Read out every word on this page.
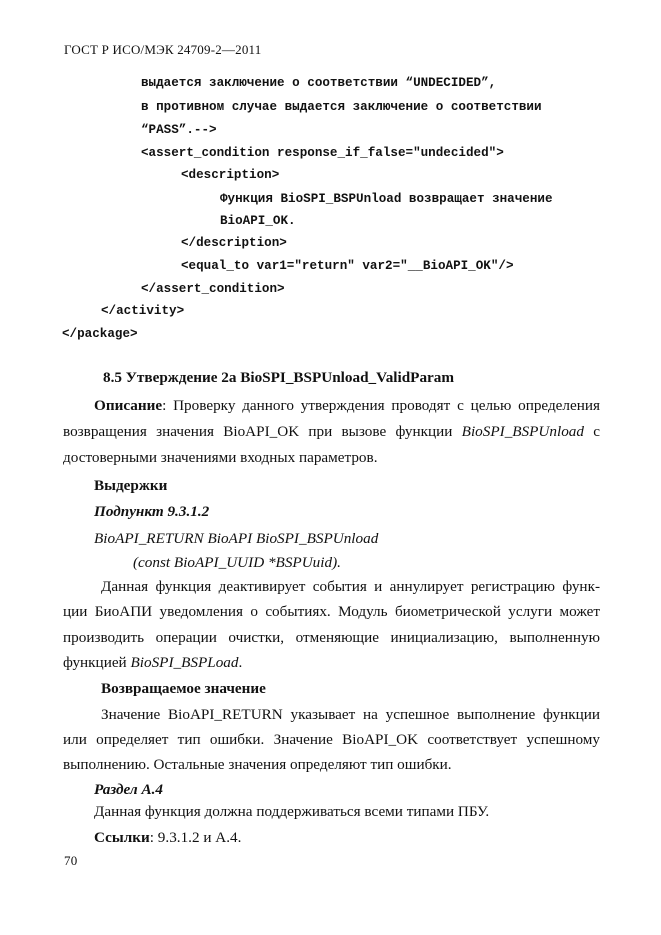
ГОСТ Р ИСО/МЭК 24709-2—2011
выдается заключение о соответствии “UNDECIDED”,
в противном случае выдается заключение о соответствии
“PASS”.-->
<assert_condition response_if_false="undecided">
<description>
Функция BioSPI_BSPUnload возвращает значение
BioAPI_OK.
</description>
<equal_to var1="return" var2="__BioAPI_OK"/>
</assert_condition>
</activity>
</package>
8.5 Утверждение 2а BioSPI_BSPUnload_ValidParam
Описание: Проверку данного утверждения проводят с целью определения
возвращения значения BioAPI_OK при вызове функции BioSPI_BSPUnload с
достоверными значениями входных параметров.
Выдержки
Подпункт 9.3.1.2
BioAPI_RETURN BioAPI BioSPI_BSPUnload
(const BioAPI_UUID *BSPUuid).
Данная функция деактивирует события и аннулирует регистрацию функ-
ции БиоАПИ уведомления о событиях. Модуль биометрической услуги может
производить операции очистки, отменяющие инициализацию, выполненную
функцией BioSPI_BSPLoad.
Возвращаемое значение
Значение BioAPI_RETURN указывает на успешное выполнение функции
или определяет тип ошибки. Значение BioAPI_OK соответствует успешному
выполнению. Остальные значения определяют тип ошибки.
Раздел А.4
Данная функция должна поддерживаться всеми типами ПБУ.
Ссылки: 9.3.1.2 и А.4.
70
